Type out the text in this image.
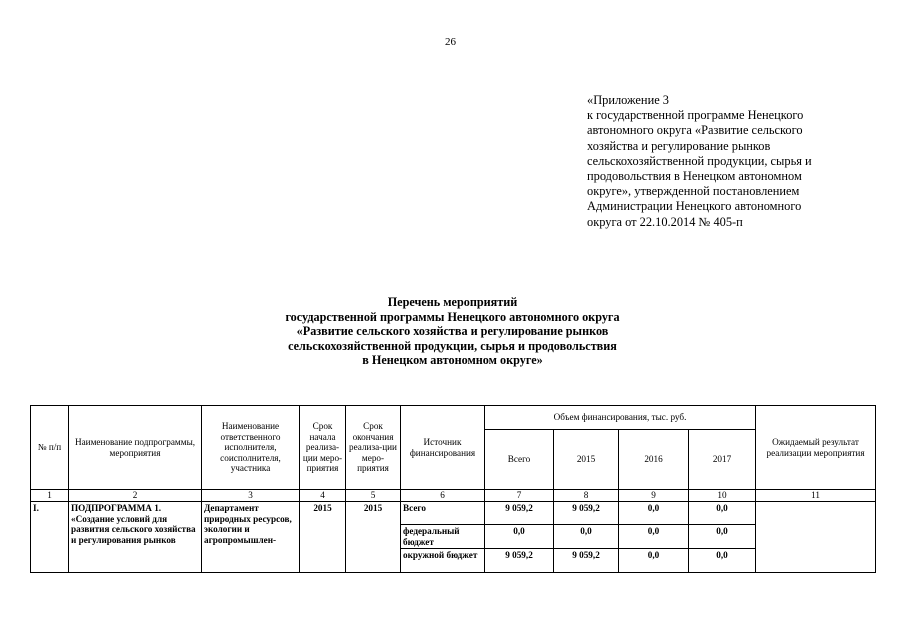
26
«Приложение 3
к государственной программе Ненецкого
автономного округа «Развитие сельского
хозяйства и регулирование рынков
сельскохозяйственной продукции, сырья и
продовольствия в Ненецком автономном
округе», утвержденной постановлением
Администрации Ненецкого автономного
округа от 22.10.2014 № 405-п
Перечень мероприятий
государственной программы Ненецкого автономного округа
«Развитие сельского хозяйства и регулирование рынков
сельскохозяйственной продукции, сырья и продовольствия
в Ненецком автономном округе»
№ п/п	Наименование подпрограммы, мероприятия	Наименование ответственного исполнителя, соисполнителя, участника	Срок начала реализа-ции меро-приятия	Срок окончания реализа-ции меро-приятия	Источник финансирования	Объем финансирования, тыс. руб.				Ожидаемый результат реализации мероприятия
						Всего	2015	2016	2017	
1	2	3	4	5	6	7	8	9	10	11
I.	ПОДПРОГРАММА 1. «Создание условий для развития сельского хозяйства и регулирования рынков	Департамент природных ресурсов, экологии и агропромышлен-	2015	2015	Всего	9 059,2	9 059,2	0,0	0,0	
					федеральный бюджет	0,0	0,0	0,0	0,0	
					окружной бюджет	9 059,2	9 059,2	0,0	0,0	
